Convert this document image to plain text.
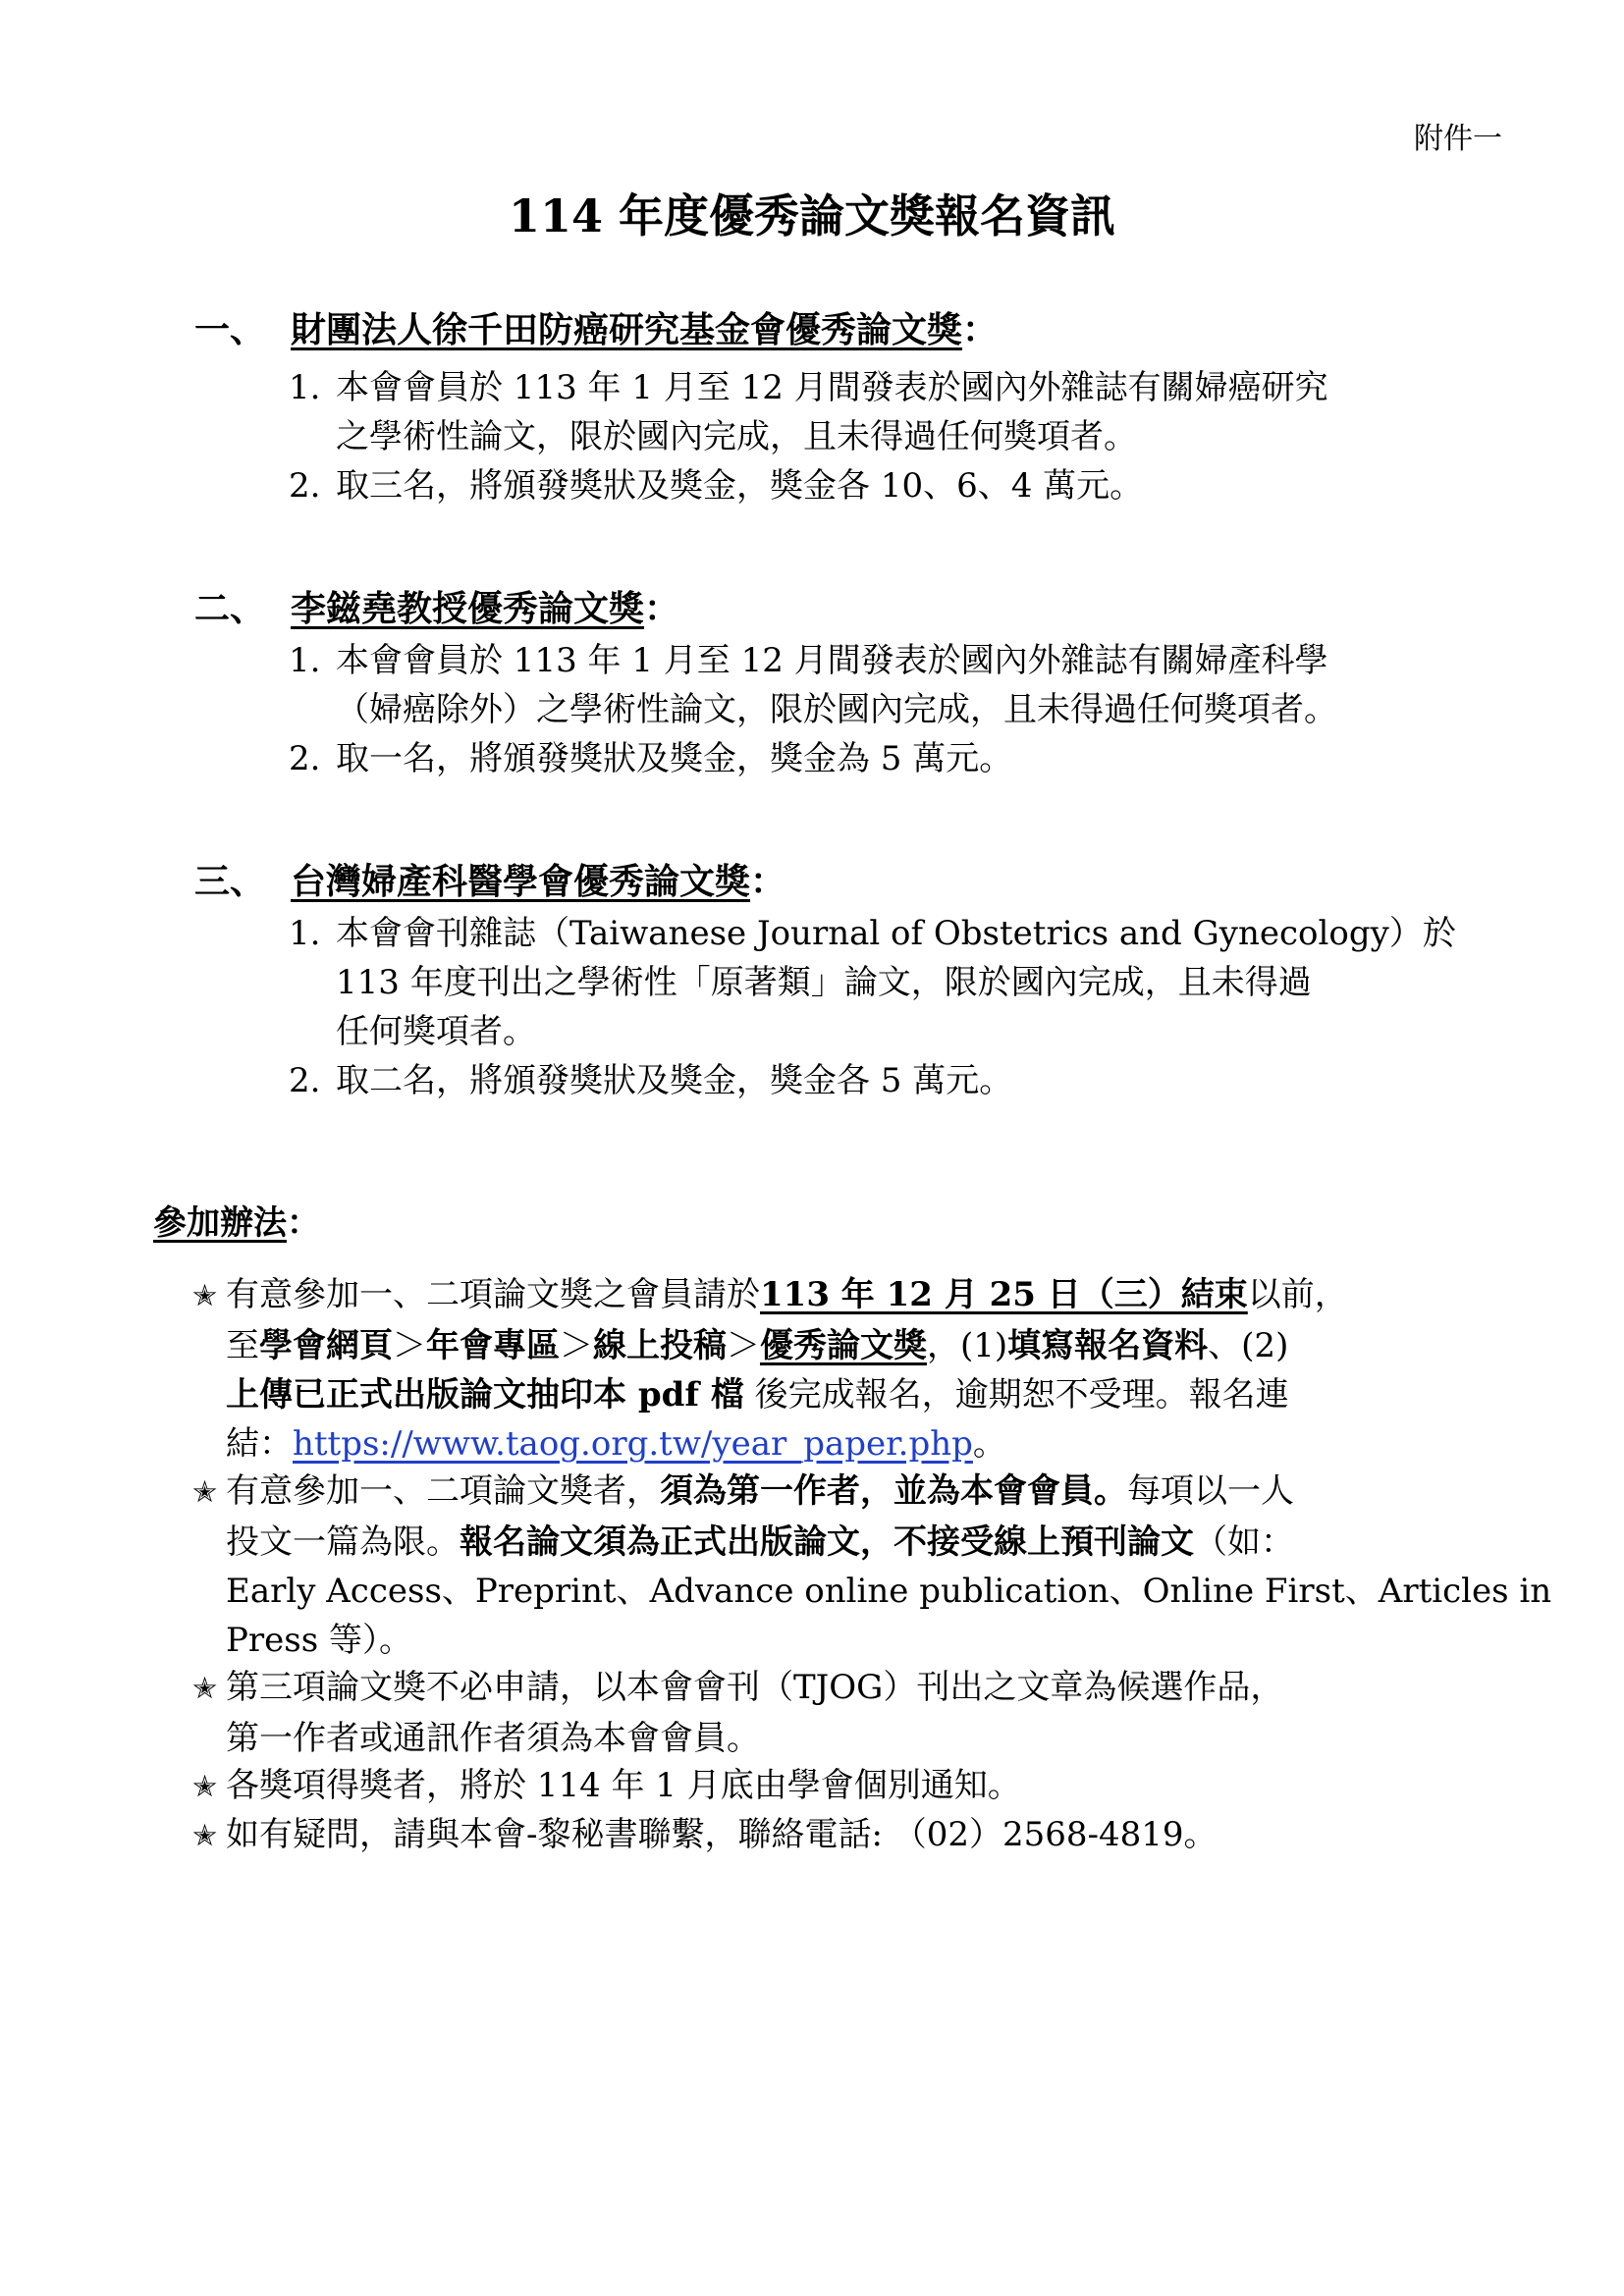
附件一
114 年度優秀論文獎報名資訊
一、 財團法人徐千田防癌研究基金會優秀論文獎：
1. 本會會員於 113 年 1 月至 12 月間發表於國內外雜誌有關婦癌研究
之學術性論文，限於國內完成，且未得過任何獎項者。
2. 取三名，將頒發獎狀及獎金，獎金各 10、6、4 萬元。
二、 李鎡堯教授優秀論文獎：
1. 本會會員於 113 年 1 月至 12 月間發表於國內外雜誌有關婦產科學
（婦癌除外）之學術性論文，限於國內完成，且未得過任何獎項者。
2. 取一名，將頒發獎狀及獎金，獎金為 5 萬元。
三、 台灣婦產科醫學會優秀論文獎：
1. 本會會刊雜誌（Taiwanese Journal of Obstetrics and Gynecology）於
113 年度刊出之學術性「原著類」論文，限於國內完成，且未得過
任何獎項者。
2. 取二名，將頒發獎狀及獎金，獎金各 5 萬元。
參加辦法：
✭ 有意參加一、二項論文獎之會員請於113 年 12 月 25 日（三）結束以前，
至學會網頁＞年會專區＞線上投稿＞優秀論文獎，(1)填寫報名資料、(2)
上傳已正式出版論文抽印本 pdf 檔 後完成報名，逾期恕不受理。報名連
結：https://www.taog.org.tw/year_paper.php。
✭ 有意參加一、二項論文獎者，須為第一作者，並為本會會員。每項以一人
投文一篇為限。報名論文須為正式出版論文，不接受線上預刊論文（如：
Early Access、Preprint、Advance online publication、Online First、Articles in
Press 等）。
✭ 第三項論文獎不必申請，以本會會刊（TJOG）刊出之文章為候選作品，
第一作者或通訊作者須為本會會員。
✭ 各獎項得獎者，將於 114 年 1 月底由學會個別通知。
✭ 如有疑問，請與本會-黎秘書聯繫，聯絡電話: （02）2568-4819。
